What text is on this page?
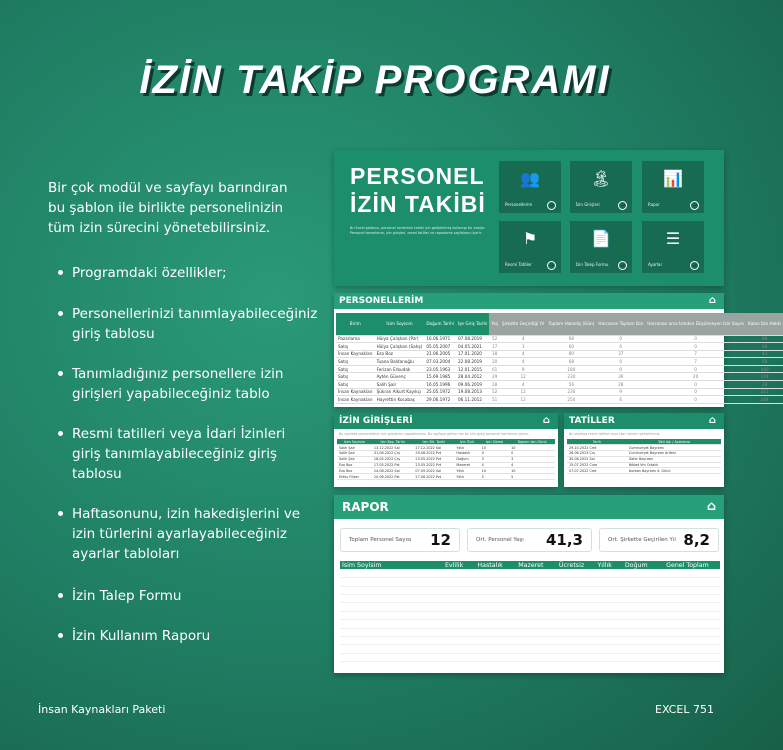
İZİN TAKİP PROGRAMI
Bir çok modül ve sayfayı barındıran bu şablon ile birlikte personelinizin tüm izin sürecini yönetebilirsiniz.
Programdaki özellikler;
Personellerinizi tanımlayabileceğiniz giriş tablosu
Tanımladığınız personellere izin girişleri yapabileceğiniz tablo
Resmi tatilleri veya İdari İzinleri giriş tanımlayabileceğiniz giriş tablosu
Haftasonunu, izin hakedişlerini ve izin türlerini ayarlayabileceğiniz ayarlar tabloları
İzin Talep Formu
İzin Kullanım Raporu
İnsan Kaynakları Paketi	EXCEL 751
PERSONEL
İZİN TAKİBİ
Bu Excel şablonu, personel izinlerinin takibi için geliştirilmiş kullanışlı bir araçtır. Personel tanımlama, izin girişleri, resmi tatiller ve raporlama sayfalarını içerir.
👥
Personellerim	→
🏝
İzin Girişleri	→
📊
Rapor	→
⚑
Resmi Tatiller	→
📄
İzin Talep Formu	→
☰
Ayarlar	→
PERSONELLERİM	⌂
Birim	İsim Soyisim	Doğum Tarihi	İşe Giriş Tarihi	Yaş	Şirkette Geçirdiği Yıl	Toplam Hakediş (Gün)	Harcanan Toplam İzin	Harcanan ama İzinden Düşülmeyen İzin Sayısı	Kalan İzin Hakkı
Pazarlama	Hülya Çalışkan (Pzr)	16.06.1971	07.08.2019	52	4	68	0	0	68
Satış	Hülya Çalışkan (Satış)	05.05.2007	04.05.2021	17	3	60	0	0	60
İnsan Kaynakları	Ezo Boz	21.06.2005	17.01.2020	18	4	80	37	7	43
Satış	Tuana Baldanoğlu	07.03.2004	22.08.2019	20	4	68	0	7	68
Satış	Ferizan Erbudak	23.05.1963	12.01.2015	61	9	180	0	0	180
Satış	Aytén Güvenç	15.69.1985	28.04.2012	29	12	230	36	20	174
Satış	Salih Şair	16.05.1996	09.06.2019	28	4	56	28	0	28
İnsan Kaynakları	Şükran Alkurt Kayıkçı	25.05.1972	19.08.2013	52	12	230	9	0	221
İnsan Kaynakları	Hayrettin Kocabaş	29.06.1972	06.11.2012	51	12	250	6	0	244
İZİN GİRİŞLERİ	⌂
Bu sayfada personellerin izin girişlerini yapabilirsiniz. Bu sayfaya girilen her bir izin girişi personel kartlarına yansır.
İsim Soyisim	İzin Baş. Tarihi	İzin Bit. Tarihi	İzin Türü	İzin Süresi	Toplam İzin Günü
Salih Şair	13.12.2022 Sal	27.12.2022 Sal	Yıllık	10	10
Salih Şair	31.08.2022 Çrş	29.08.2022 Pzt	Hastalık	0	0
Salih Şair	18.05.2022 Çrş	23.05.2022 Pzt	Doğum	3	3
Ezo Boz	17.05.2022 Pzt	23.05.2022 Pzt	Mazeret	4	4
Ezo Boz	24.08.2022 Sal	07.09.2022 Sal	Yıllık	10	10
Elifsu Filizer	20.06.2022 Pzt	27.06.2022 Pzt	Yıllık	5	5
TATİLLER	⌂
Bu sayfaya resmi tatiller veya idari izinleri girebilirsiniz.
Tarih	Tatil Adı / Açıklama
29.10.2022 Cmt	Cumhuriyet Bayramı
28.06.2023 Çrş	Cumhuriyet Bayramı Arifesi
30.08.2022 Sal	Zafer Bayramı
15.07.2022 Cum	Nöbet Vm Ortalık
07.07.2022 Cmt	Kurban Bayramı 4. Günü
RAPOR	⌂
Toplam Personel Sayısı 12	Ort. Personel Yaşı 41,3	Ort. Şirkette Geçirilen Yıl 8,2
İsim Soyisim	Evlilik	Hastalık	Mazeret	Ücretsiz	Yıllık	Doğum	Genel Toplam
Ayten Güvenç	11	9			36		56
Elifsu Filizer	5				36		41
Ezo Boz					37	7	44
Harun Dönmez					8		8
Hatice Evik		5		10	39		54
Hayrettin Kocabaş					6		6
Salih Şair					28		28
Şükran Alkurt Kayıkçı					9		9
Şükrü Öncel					7		7
Tuana Baldanoğlu			7				7
Genel Toplam	16	14	7	10	206	7	260
